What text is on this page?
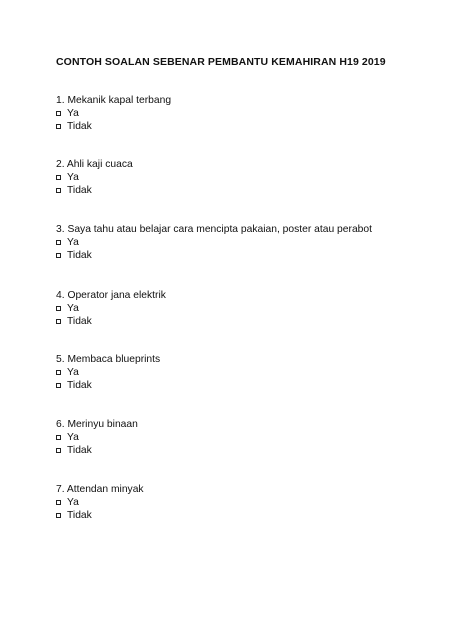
CONTOH SOALAN SEBENAR PEMBANTU KEMAHIRAN H19 2019
1. Mekanik kapal terbang
Ya
Tidak
2. Ahli kaji cuaca
Ya
Tidak
3. Saya tahu atau belajar cara mencipta pakaian, poster atau perabot
Ya
Tidak
4. Operator jana elektrik
Ya
Tidak
5. Membaca blueprints
Ya
Tidak
6. Merinyu binaan
Ya
Tidak
7. Attendan minyak
Ya
Tidak
